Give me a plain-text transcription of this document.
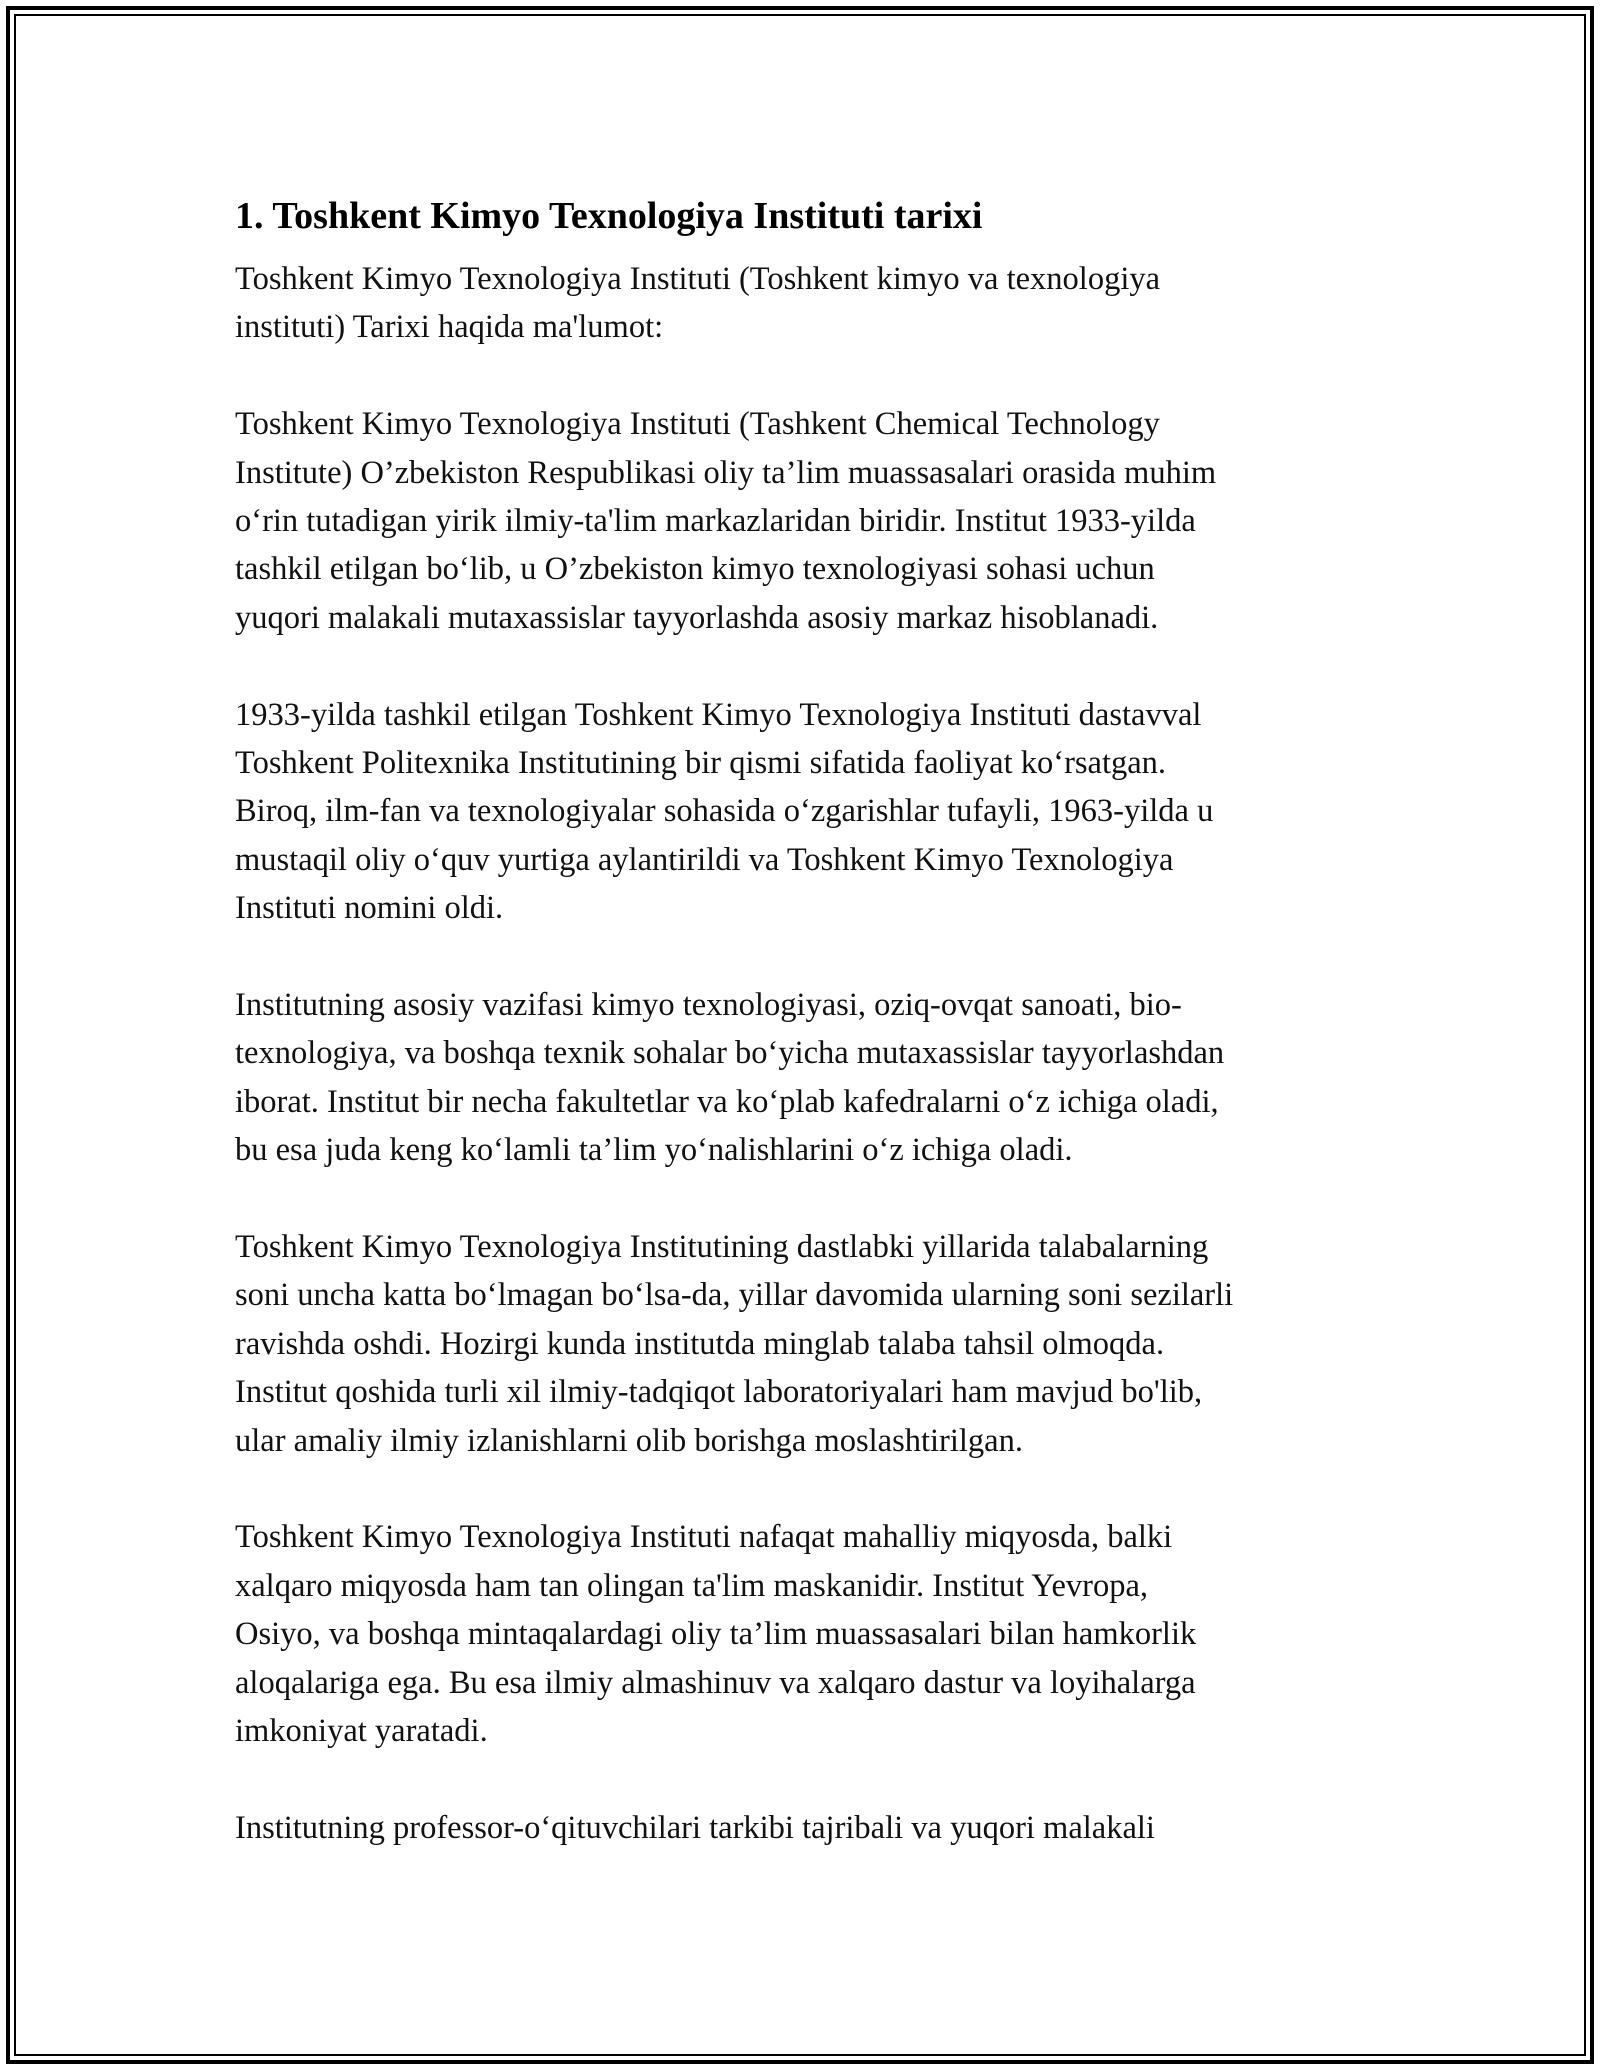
1. Toshkent Kimyo Texnologiya Instituti tarixi

Toshkent Kimyo Texnologiya Instituti (Toshkent kimyo va texnologiya
instituti) Tarixi haqida ma'lumot:

Toshkent Kimyo Texnologiya Instituti (Tashkent Chemical Technology
Institute) O’zbekiston Respublikasi oliy ta’lim muassasalari orasida muhim
o‘rin tutadigan yirik ilmiy-ta'lim markazlaridan biridir. Institut 1933-yilda
tashkil etilgan bo‘lib, u O’zbekiston kimyo texnologiyasi sohasi uchun
yuqori malakali mutaxassislar tayyorlashda asosiy markaz hisoblanadi.

1933-yilda tashkil etilgan Toshkent Kimyo Texnologiya Instituti dastavval
Toshkent Politexnika Institutining bir qismi sifatida faoliyat ko‘rsatgan.
Biroq, ilm-fan va texnologiyalar sohasida o‘zgarishlar tufayli, 1963-yilda u
mustaqil oliy o‘quv yurtiga aylantirildi va Toshkent Kimyo Texnologiya
Instituti nomini oldi.

Institutning asosiy vazifasi kimyo texnologiyasi, oziq-ovqat sanoati, bio-
texnologiya, va boshqa texnik sohalar bo‘yicha mutaxassislar tayyorlashdan
iborat. Institut bir necha fakultetlar va ko‘plab kafedralarni o‘z ichiga oladi,
bu esa juda keng ko‘lamli ta’lim yo‘nalishlarini o‘z ichiga oladi.

Toshkent Kimyo Texnologiya Institutining dastlabki yillarida talabalarning
soni uncha katta bo‘lmagan bo‘lsa-da, yillar davomida ularning soni sezilarli
ravishda oshdi. Hozirgi kunda institutda minglab talaba tahsil olmoqda.
Institut qoshida turli xil ilmiy-tadqiqot laboratoriyalari ham mavjud bo'lib,
ular amaliy ilmiy izlanishlarni olib borishga moslashtirilgan.

Toshkent Kimyo Texnologiya Instituti nafaqat mahalliy miqyosda, balki
xalqaro miqyosda ham tan olingan ta'lim maskanidir. Institut Yevropa,
Osiyo, va boshqa mintaqalardagi oliy ta’lim muassasalari bilan hamkorlik
aloqalariga ega. Bu esa ilmiy almashinuv va xalqaro dastur va loyihalarga
imkoniyat yaratadi.

Institutning professor-o‘qituvchilari tarkibi tajribali va yuqori malakali
